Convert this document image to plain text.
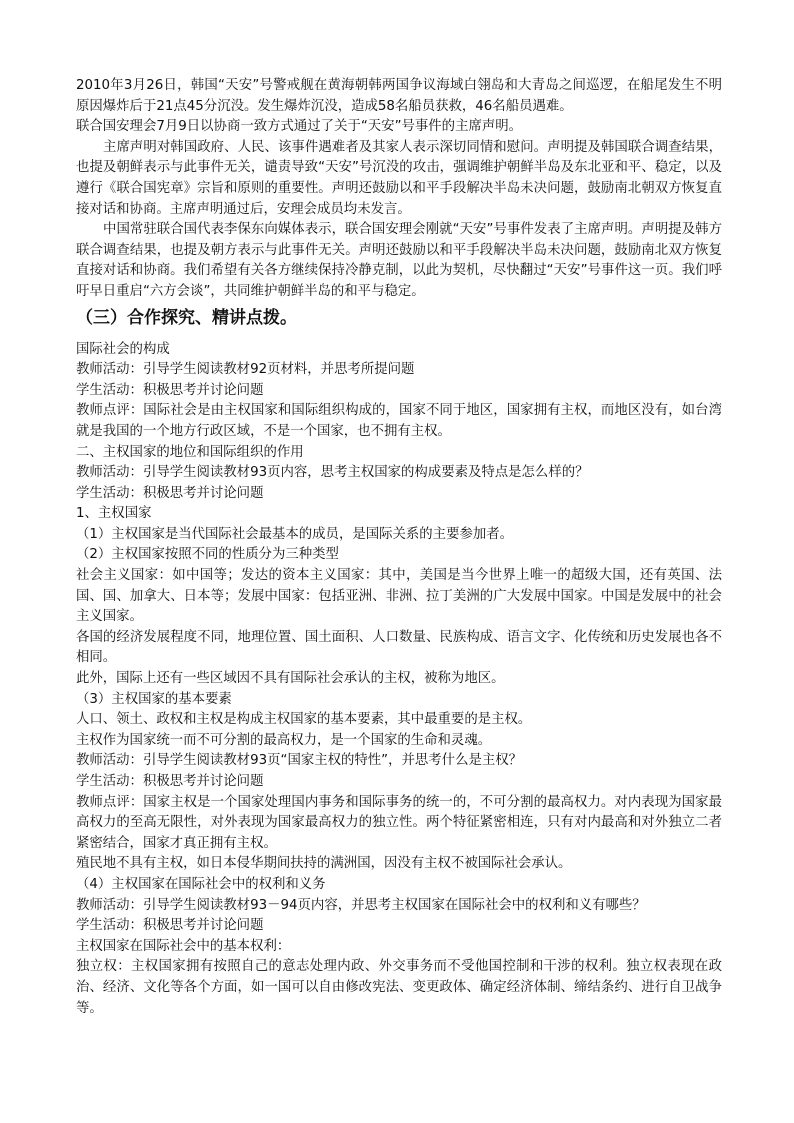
2010年3月26日，韩国“天安”号警戒舰在黄海朝韩两国争议海域白翎岛和大青岛之间巡逻，在船尾发生不明原因爆炸后于21点45分沉没。发生爆炸沉没，造成58名船员获救，46名船员遇难。

联合国安理会7月9日以协商一致方式通过了关于“天安”号事件的主席声明。

主席声明对韩国政府、人民、该事件遇难者及其家人表示深切同情和慰问。声明提及韩国联合调查结果，也提及朝鲜表示与此事件无关，谴责导致“天安”号沉没的攻击，强调维护朝鲜半岛及东北亚和平、稳定，以及遵行《联合国宪章》宗旨和原则的重要性。声明还鼓励以和平手段解决半岛未决问题，鼓励南北朝双方恢复直接对话和协商。主席声明通过后，安理会成员均未发言。

中国常驻联合国代表李保东向媒体表示，联合国安理会刚就“天安”号事件发表了主席声明。声明提及韩方联合调查结果，也提及朝方表示与此事件无关。声明还鼓励以和平手段解决半岛未决问题，鼓励南北双方恢复直接对话和协商。我们希望有关各方继续保持冷静克制，以此为契机，尽快翻过“天安”号事件这一页。我们呼吁早日重启“六方会谈”，共同维护朝鲜半岛的和平与稳定。

（三）合作探究、精讲点拨。

国际社会的构成

教师活动：引导学生阅读教材92页材料，并思考所提问题

学生活动：积极思考并讨论问题

教师点评：国际社会是由主权国家和国际组织构成的，国家不同于地区，国家拥有主权，而地区没有，如台湾就是我国的一个地方行政区域，不是一个国家，也不拥有主权。

二、主权国家的地位和国际组织的作用

教师活动：引导学生阅读教材93页内容，思考主权国家的构成要素及特点是怎么样的？

学生活动：积极思考并讨论问题

1、主权国家

（1）主权国家是当代国际社会最基本的成员，是国际关系的主要参加者。

（2）主权国家按照不同的性质分为三种类型

社会主义国家：如中国等；发达的资本主义国家：其中，美国是当今世界上唯一的超级大国，还有英国、法国、国、加拿大、日本等；发展中国家：包括亚洲、非洲、拉丁美洲的广大发展中国家。中国是发展中的社会主义国家。

各国的经济发展程度不同，地理位置、国土面积、人口数量、民族构成、语言文字、化传统和历史发展也各不相同。

此外，国际上还有一些区域因不具有国际社会承认的主权，被称为地区。

（3）主权国家的基本要素

人口、领土、政权和主权是构成主权国家的基本要素，其中最重要的是主权。

主权作为国家统一而不可分割的最高权力，是一个国家的生命和灵魂。

教师活动：引导学生阅读教材93页“国家主权的特性”，并思考什么是主权？

学生活动：积极思考并讨论问题

教师点评：国家主权是一个国家处理国内事务和国际事务的统一的，不可分割的最高权力。对内表现为国家最高权力的至高无限性，对外表现为国家最高权力的独立性。两个特征紧密相连，只有对内最高和对外独立二者紧密结合，国家才真正拥有主权。

殖民地不具有主权，如日本侵华期间扶持的满洲国，因没有主权不被国际社会承认。

（4）主权国家在国际社会中的权利和义务

教师活动：引导学生阅读教材93－94页内容，并思考主权国家在国际社会中的权利和义有哪些？

学生活动：积极思考并讨论问题

主权国家在国际社会中的基本权利：

独立权：主权国家拥有按照自己的意志处理内政、外交事务而不受他国控制和干涉的权利。独立权表现在政治、经济、文化等各个方面，如一国可以自由修改宪法、变更政体、确定经济体制、缔结条约、进行自卫战争等。
